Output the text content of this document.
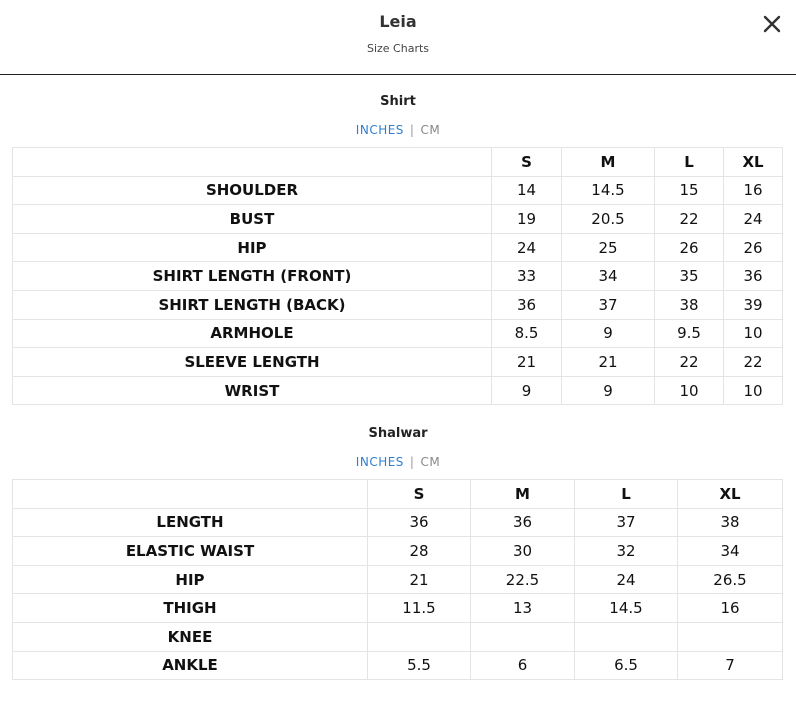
Leia
Size Charts
Shirt
INCHES | CM
	S	M	L	XL
SHOULDER	14	14.5	15	16
BUST	19	20.5	22	24
HIP	24	25	26	26
SHIRT LENGTH (FRONT)	33	34	35	36
SHIRT LENGTH (BACK)	36	37	38	39
ARMHOLE	8.5	9	9.5	10
SLEEVE LENGTH	21	21	22	22
WRIST	9	9	10	10
Shalwar
INCHES | CM
	S	M	L	XL
LENGTH	36	36	37	38
ELASTIC WAIST	28	30	32	34
HIP	21	22.5	24	26.5
THIGH	11.5	13	14.5	16
KNEE				
ANKLE	5.5	6	6.5	7
